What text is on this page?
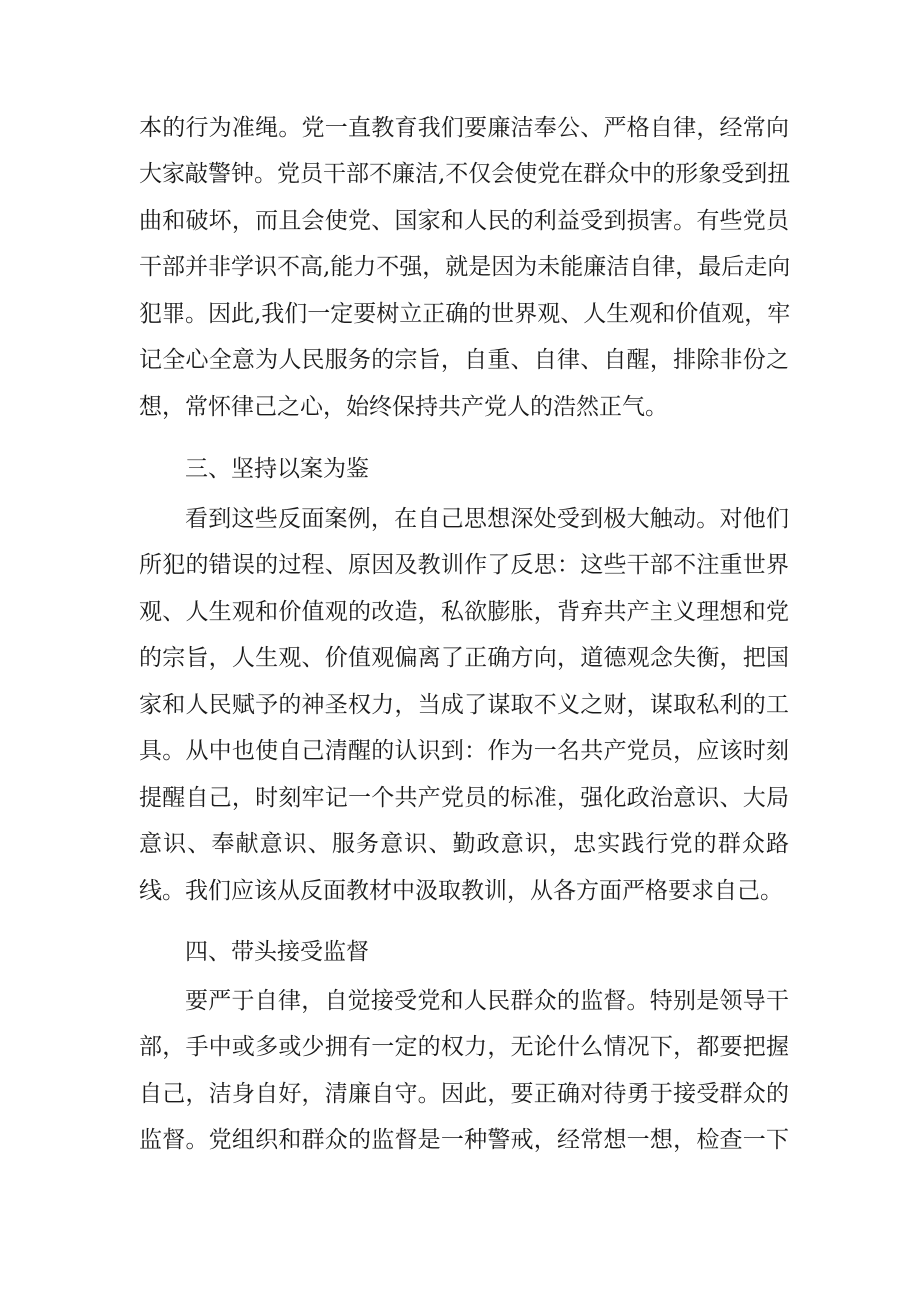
本的行为准绳。党一直教育我们要廉洁奉公、严格自律，经常向
大家敲警钟。党员干部不廉洁,不仅会使党在群众中的形象受到扭
曲和破坏，而且会使党、国家和人民的利益受到损害。有些党员
干部并非学识不高,能力不强，就是因为未能廉洁自律，最后走向
犯罪。因此,我们一定要树立正确的世界观、人生观和价值观，牢
记全心全意为人民服务的宗旨，自重、自律、自醒，排除非份之
想，常怀律己之心，始终保持共产党人的浩然正气。
三、坚持以案为鉴
看到这些反面案例，在自己思想深处受到极大触动。对他们
所犯的错误的过程、原因及教训作了反思：这些干部不注重世界
观、人生观和价值观的改造，私欲膨胀，背弃共产主义理想和党
的宗旨，人生观、价值观偏离了正确方向，道德观念失衡，把国
家和人民赋予的神圣权力，当成了谋取不义之财，谋取私利的工
具。从中也使自己清醒的认识到：作为一名共产党员，应该时刻
提醒自己，时刻牢记一个共产党员的标准，强化政治意识、大局
意识、奉献意识、服务意识、勤政意识，忠实践行党的群众路
线。我们应该从反面教材中汲取教训，从各方面严格要求自己。
四、带头接受监督
要严于自律，自觉接受党和人民群众的监督。特别是领导干
部，手中或多或少拥有一定的权力，无论什么情况下，都要把握
自己，洁身自好，清廉自守。因此，要正确对待勇于接受群众的
监督。党组织和群众的监督是一种警戒，经常想一想，检查一下
